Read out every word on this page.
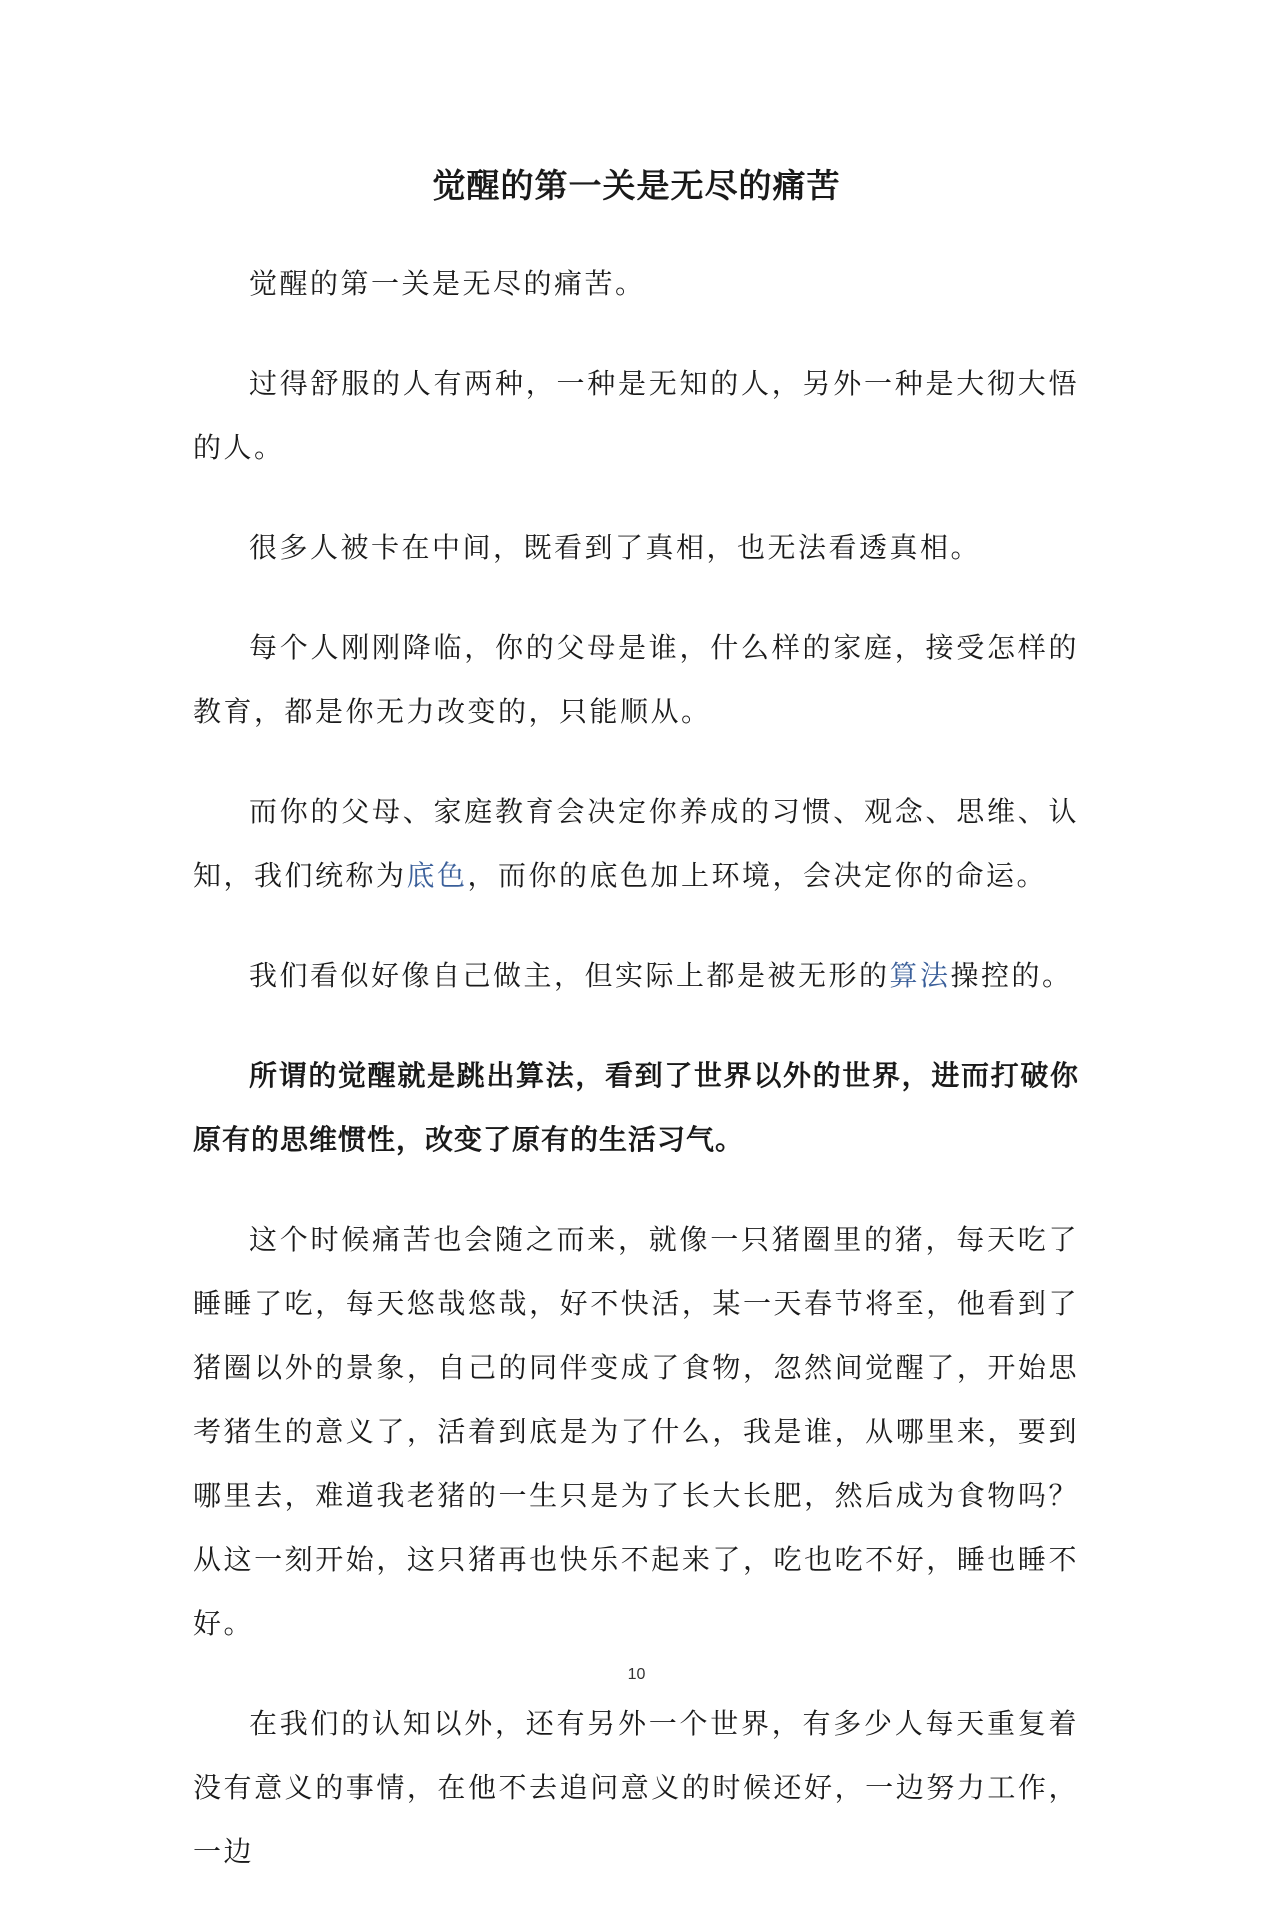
觉醒的第一关是无尽的痛苦

觉醒的第一关是无尽的痛苦。

过得舒服的人有两种，一种是无知的人，另外一种是大彻大悟的人。

很多人被卡在中间，既看到了真相，也无法看透真相。

每个人刚刚降临，你的父母是谁，什么样的家庭，接受怎样的教育，都是你无力改变的，只能顺从。

而你的父母、家庭教育会决定你养成的习惯、观念、思维、认知，我们统称为底色，而你的底色加上环境，会决定你的命运。

我们看似好像自己做主，但实际上都是被无形的算法操控的。

所谓的觉醒就是跳出算法，看到了世界以外的世界，进而打破你原有的思维惯性，改变了原有的生活习气。

这个时候痛苦也会随之而来，就像一只猪圈里的猪，每天吃了睡睡了吃，每天悠哉悠哉，好不快活，某一天春节将至，他看到了猪圈以外的景象，自己的同伴变成了食物，忽然间觉醒了，开始思考猪生的意义了，活着到底是为了什么，我是谁，从哪里来，要到哪里去，难道我老猪的一生只是为了长大长肥，然后成为食物吗？从这一刻开始，这只猪再也快乐不起来了，吃也吃不好，睡也睡不好。

在我们的认知以外，还有另外一个世界，有多少人每天重复着没有意义的事情，在他不去追问意义的时候还好，一边努力工作，一边

10
